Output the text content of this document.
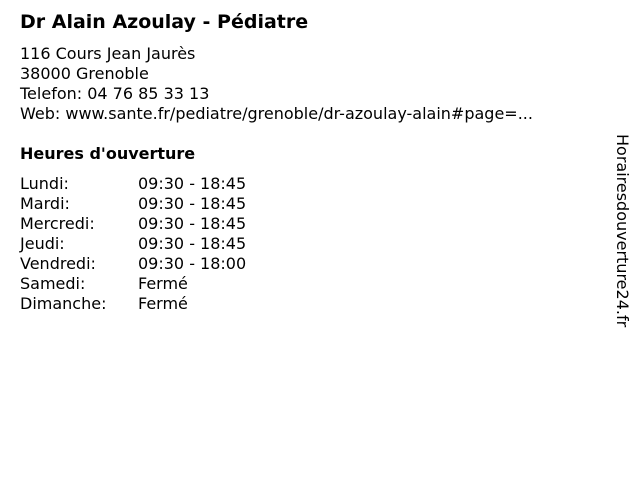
Dr Alain Azoulay - Pédiatre
116 Cours Jean Jaurès
38000 Grenoble
Telefon: 04 76 85 33 13
Web: www.sante.fr/pediatre/grenoble/dr-azoulay-alain#page=...
Heures d'ouverture
Lundi:	09:30 - 18:45
Mardi:	09:30 - 18:45
Mercredi:	09:30 - 18:45
Jeudi:	09:30 - 18:45
Vendredi:	09:30 - 18:00
Samedi:	Fermé
Dimanche: Fermé	Horairesdouverture24.fr
